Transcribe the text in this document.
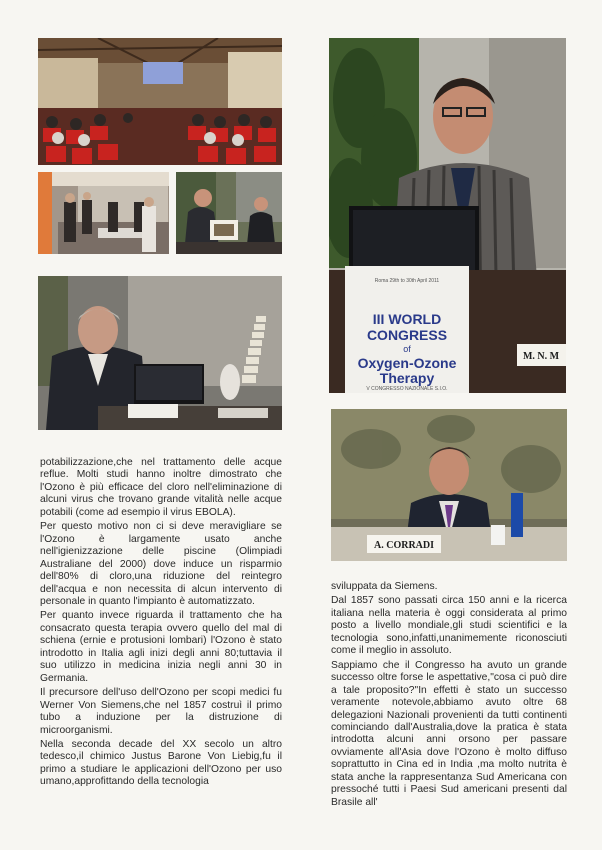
III WORLD
CONGRESS
of
Oxygen-Ozone
Therapy
V CONGRESSO NAZIONALE S.I.O.
Roma 29th to 30th April 2011
M. N. M
A. CORRADI

potabilizzazione,che nel trattamento delle acque reflue. Molti studi hanno inoltre dimostrato che l'Ozono è più efficace del cloro nell'eliminazione di alcuni virus che trovano grande vitalità nelle acque potabili (come ad esempio il virus EBOLA).

Per questo motivo non ci si deve meravigliare se l'Ozono è largamente usato anche nell'igienizzazione delle piscine (Olimpiadi Australiane del 2000) dove induce un risparmio dell'80% di cloro,una riduzione del reintegro dell'acqua e non necessita di alcun intervento di personale in quanto l'impianto è automatizzato.

Per quanto invece riguarda il trattamento che ha consacrato questa terapia ovvero quello del mal di schiena (ernie e protusioni lombari) l'Ozono è stato introdotto in Italia agli inizi degli anni 80;tuttavia il suo utilizzo in medicina inizia negli anni 30 in Germania.

Il precursore dell'uso dell'Ozono per scopi medici fu Werner Von Siemens,che nel 1857 costruì il primo tubo a induzione per la distruzione di microorganismi.

Nella seconda decade del XX secolo un altro tedesco,il chimico Justus Barone Von Liebig,fu il primo a studiare le applicazioni dell'Ozono per uso umano,approfittando della tecnologia

sviluppata da Siemens.

Dal 1857 sono passati circa 150 anni e la ricerca italiana nella materia è oggi considerata al primo posto a livello mondiale,gli studi scientifici e la tecnologia sono,infatti,unanimemente riconosciuti come il meglio in assoluto.

Sappiamo che il Congresso ha avuto un grande successo oltre forse le aspettative,"cosa ci può dire a tale proposito?"In effetti è stato un successo veramente notevole,abbiamo avuto oltre 68 delegazioni Nazionali provenienti da tutti continenti cominciando dall'Australia,dove la pratica è stata introdotta alcuni anni orsono per passare ovviamente all'Asia dove l'Ozono è molto diffuso soprattutto in Cina ed in India ,ma molto nutrita è stata anche la rappresentanza Sud Americana con pressoché tutti i Paesi Sud americani presenti dal Brasile all'
